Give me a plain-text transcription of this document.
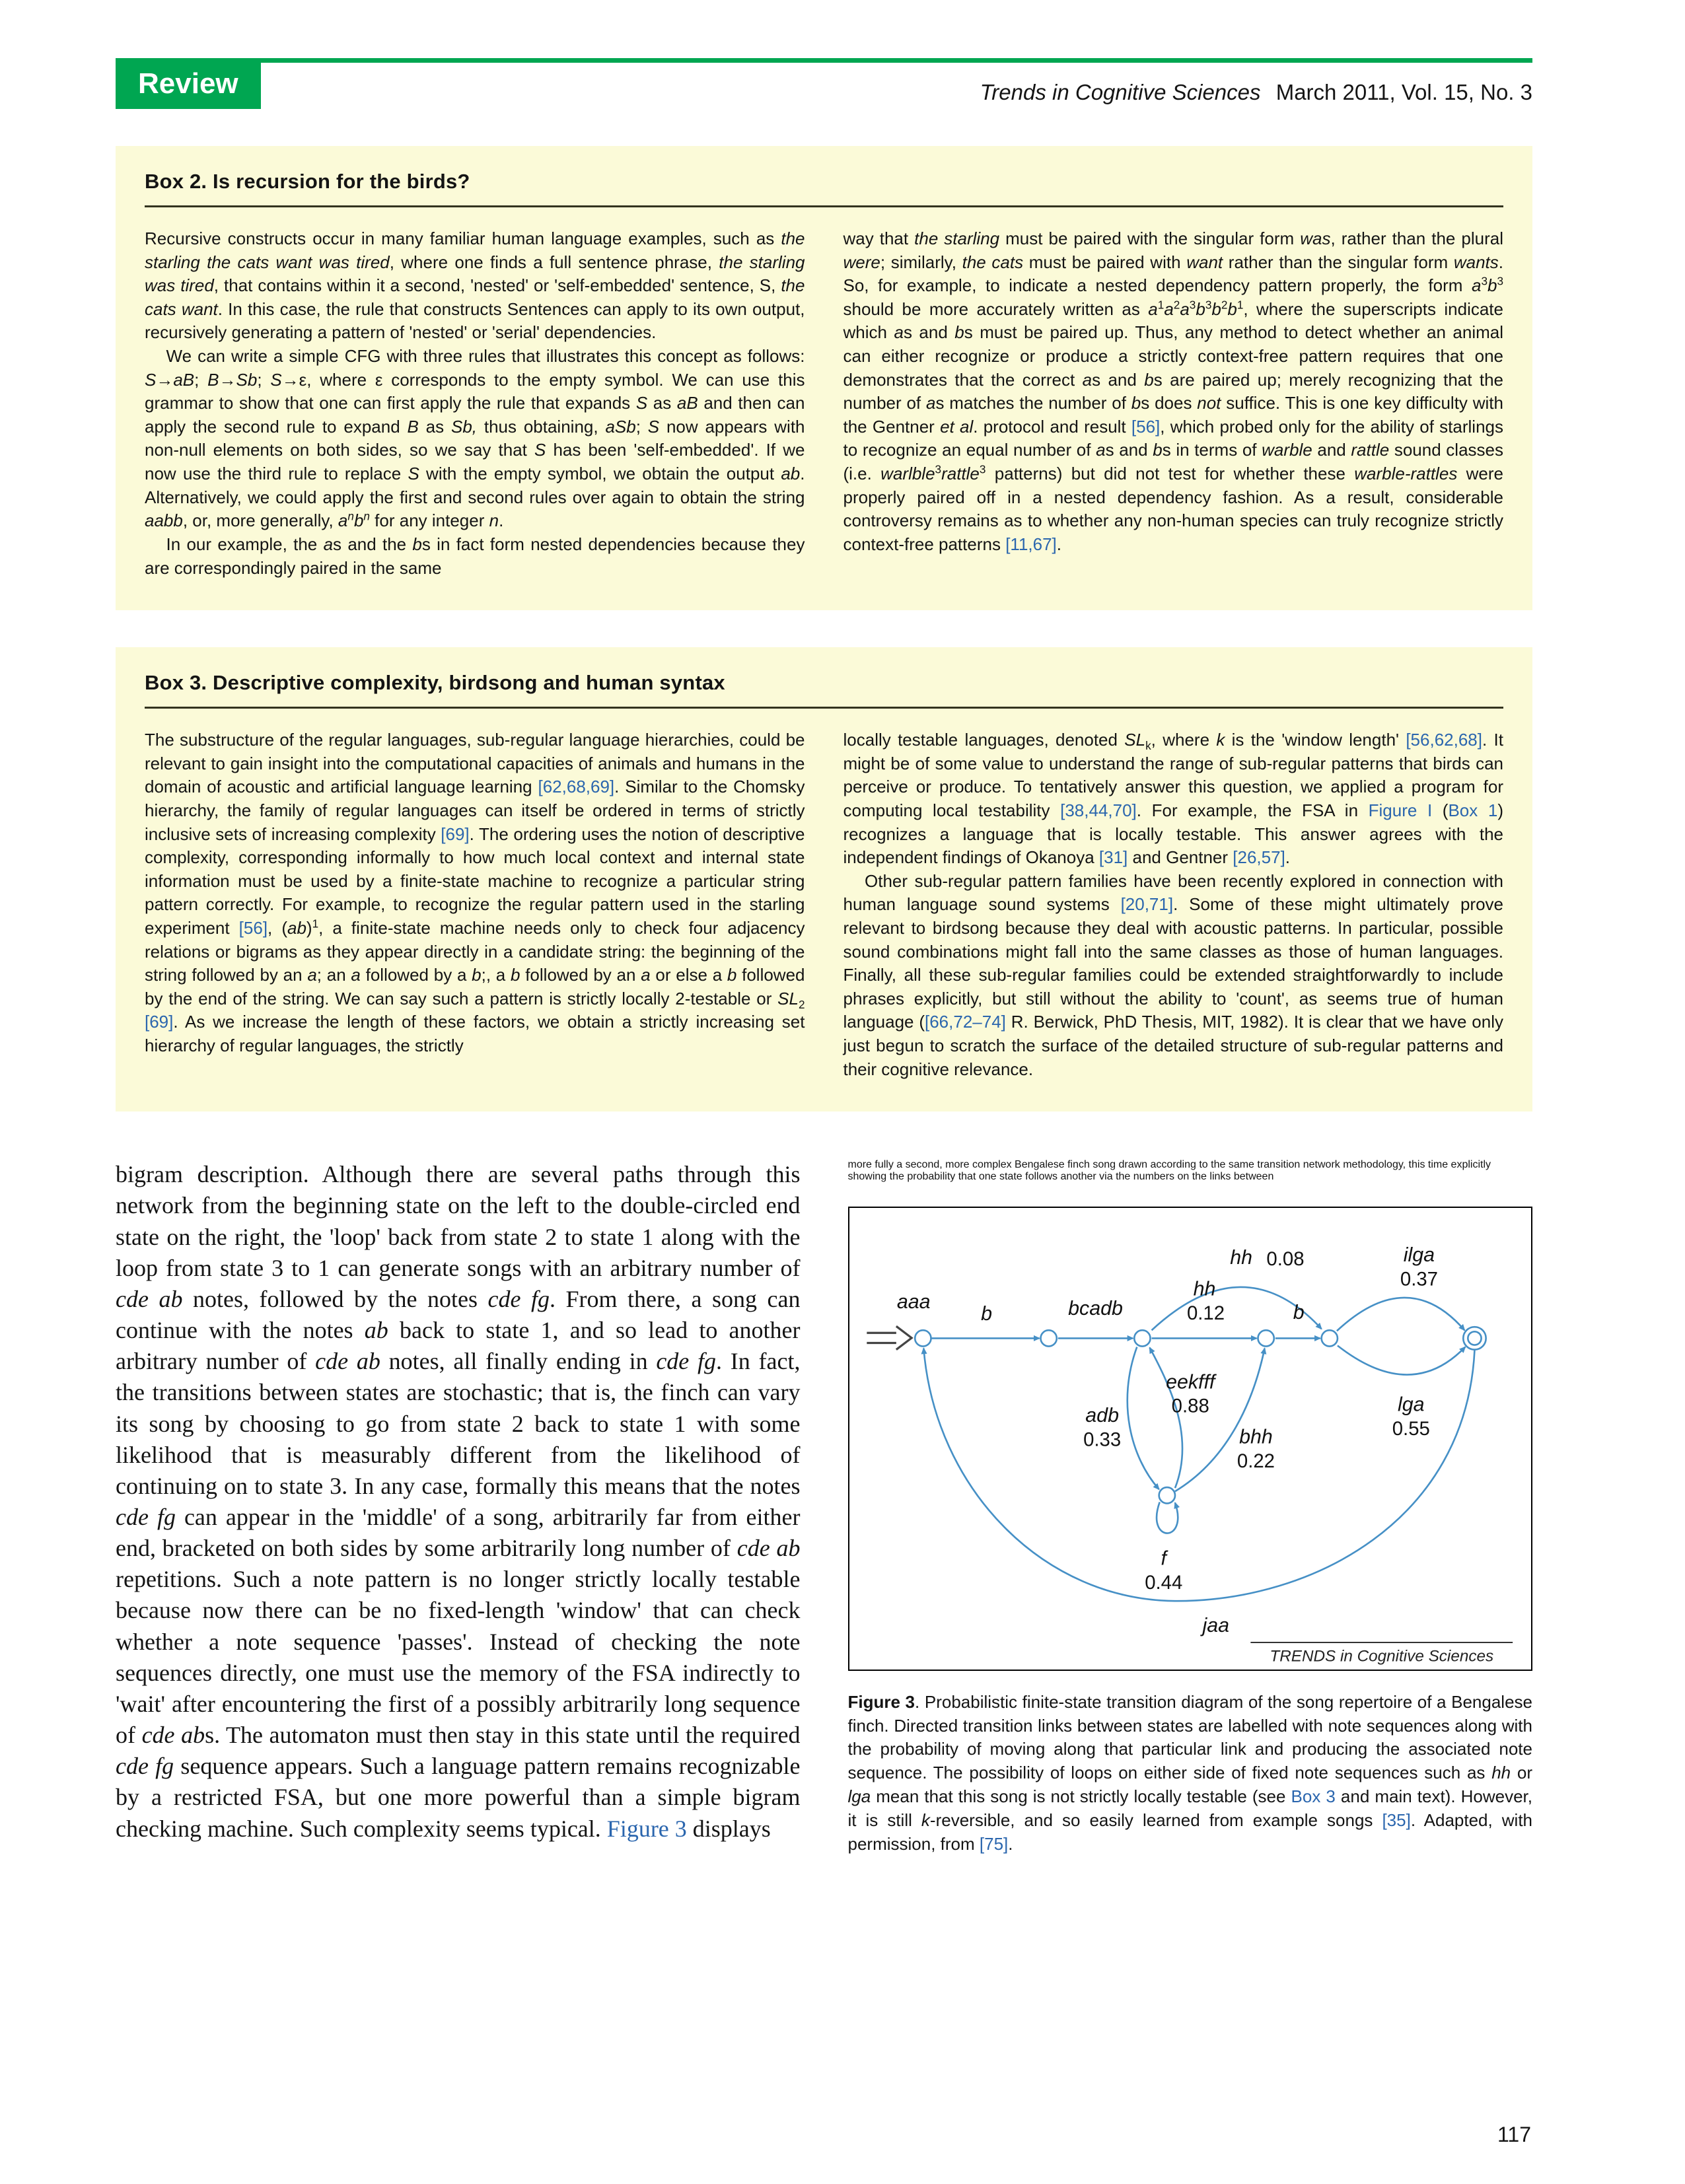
Review	Trends in Cognitive Sciences March 2011, Vol. 15, No. 3
Box 2. Is recursion for the birds?

Recursive constructs occur in many familiar human language examples, such as the starling the cats want was tired, where one finds a full sentence phrase, the starling was tired, that contains within it a second, 'nested' or 'self-embedded' sentence, S, the cats want. In this case, the rule that constructs Sentences can apply to its own output, recursively generating a pattern of 'nested' or 'serial' dependencies.

We can write a simple CFG with three rules that illustrates this concept as follows: S→aB; B→Sb; S→ε, where ε corresponds to the empty symbol. We can use this grammar to show that one can first apply the rule that expands S as aB and then can apply the second rule to expand B as Sb, thus obtaining, aSb; S now appears with non-null elements on both sides, so we say that S has been 'self-embedded'. If we now use the third rule to replace S with the empty symbol, we obtain the output ab. Alternatively, we could apply the first and second rules over again to obtain the string aabb, or, more generally, $a^nb^n$ for any integer n.

In our example, the as and the bs in fact form nested dependencies because they are correspondingly paired in the same

way that the starling must be paired with the singular form was, rather than the plural were; similarly, the cats must be paired with want rather than the singular form wants. So, for example, to indicate a nested dependency pattern properly, the form $a^3b^3$ should be more accurately written as $a^1a^2a^3b^3b^2b^1$, where the superscripts indicate which as and bs must be paired up. Thus, any method to detect whether an animal can either recognize or produce a strictly context-free pattern requires that one demonstrates that the correct as and bs are paired up; merely recognizing that the number of as matches the number of bs does not suffice. This is one key difficulty with the Gentner et al. protocol and result [56], which probed only for the ability of starlings to recognize an equal number of as and bs in terms of warble and rattle sound classes (i.e. warlble$^3$rattle$^3$ patterns) but did not test for whether these warble-rattles were properly paired off in a nested dependency fashion. As a result, considerable controversy remains as to whether any non-human species can truly recognize strictly context-free patterns [11,67].

Box 3. Descriptive complexity, birdsong and human syntax

The substructure of the regular languages, sub-regular language hierarchies, could be relevant to gain insight into the computational capacities of animals and humans in the domain of acoustic and artificial language learning [62,68,69]. Similar to the Chomsky hierarchy, the family of regular languages can itself be ordered in terms of strictly inclusive sets of increasing complexity [69]. The ordering uses the notion of descriptive complexity, corresponding informally to how much local context and internal state information must be used by a finite-state machine to recognize a particular string pattern correctly. For example, to recognize the regular pattern used in the starling experiment [56], (ab)$^1$, a finite-state machine needs only to check four adjacency relations or bigrams as they appear directly in a candidate string: the beginning of the string followed by an a; an a followed by a b;, a b followed by an a or else a b followed by the end of the string. We can say such a pattern is strictly locally 2-testable or $SL_2$ [69]. As we increase the length of these factors, we obtain a strictly increasing set hierarchy of regular languages, the strictly

locally testable languages, denoted $SL_k$, where k is the 'window length' [56,62,68]. It might be of some value to understand the range of sub-regular patterns that birds can perceive or produce. To tentatively answer this question, we applied a program for computing local testability [38,44,70]. For example, the FSA in Figure I (Box 1) recognizes a language that is locally testable. This answer agrees with the independent findings of Okanoya [31] and Gentner [26,57].

Other sub-regular pattern families have been recently explored in connection with human language sound systems [20,71]. Some of these might ultimately prove relevant to birdsong because they deal with acoustic patterns. In particular, possible sound combinations might fall into the same classes as those of human languages. Finally, all these sub-regular families could be extended straightforwardly to include phrases explicitly, but still without the ability to 'count', as seems true of human language ([66,72–74] R. Berwick, PhD Thesis, MIT, 1982). It is clear that we have only just begun to scratch the surface of the detailed structure of sub-regular patterns and their cognitive relevance.

bigram description. Although there are several paths through this network from the beginning state on the left to the double-circled end state on the right, the 'loop' back from state 2 to state 1 along with the loop from state 3 to 1 can generate songs with an arbitrary number of cde ab notes, followed by the notes cde fg. From there, a song can continue with the notes ab back to state 1, and so lead to another arbitrary number of cde ab notes, all finally ending in cde fg. In fact, the transitions between states are stochastic; that is, the finch can vary its song by choosing to go from state 2 back to state 1 with some likelihood that is measurably different from the likelihood of continuing on to state 3. In any case, formally this means that the notes cde fg can appear in the 'middle' of a song, arbitrarily far from either end, bracketed on both sides by some arbitrarily long number of cde ab repetitions. Such a note pattern is no longer strictly locally testable because now there can be no fixed-length 'window' that can check whether a note sequence 'passes'. Instead of checking the note sequences directly, one must use the memory of the FSA indirectly to 'wait' after encountering the first of a possibly arbitrarily long sequence of cde abs. The automaton must then stay in this state until the required cde fg sequence appears. Such a language pattern remains recognizable by a restricted FSA, but one more powerful than a simple bigram checking machine. Such complexity seems typical. Figure 3 displays

more fully a second, more complex Bengalese finch song drawn according to the same transition network methodology, this time explicitly showing the probability that one state follows another via the numbers on the links between

aaa
b	bcadb
hh
0.12
hh 0.08
b
ilga
0.37
eekfff
0.88
adb
0.33	bhh
0.22
lga
0.55
f
0.44
jaa
TRENDS in Cognitive Sciences
Figure 3. Probabilistic finite-state transition diagram of the song repertoire of a Bengalese finch. Directed transition links between states are labelled with note sequences along with the probability of moving along that particular link and producing the associated note sequence. The possibility of loops on either side of fixed note sequences such as hh or lga mean that this song is not strictly locally testable (see Box 3 and main text). However, it is still k-reversible, and so easily learned from example songs [35]. Adapted, with permission, from [75].
117
